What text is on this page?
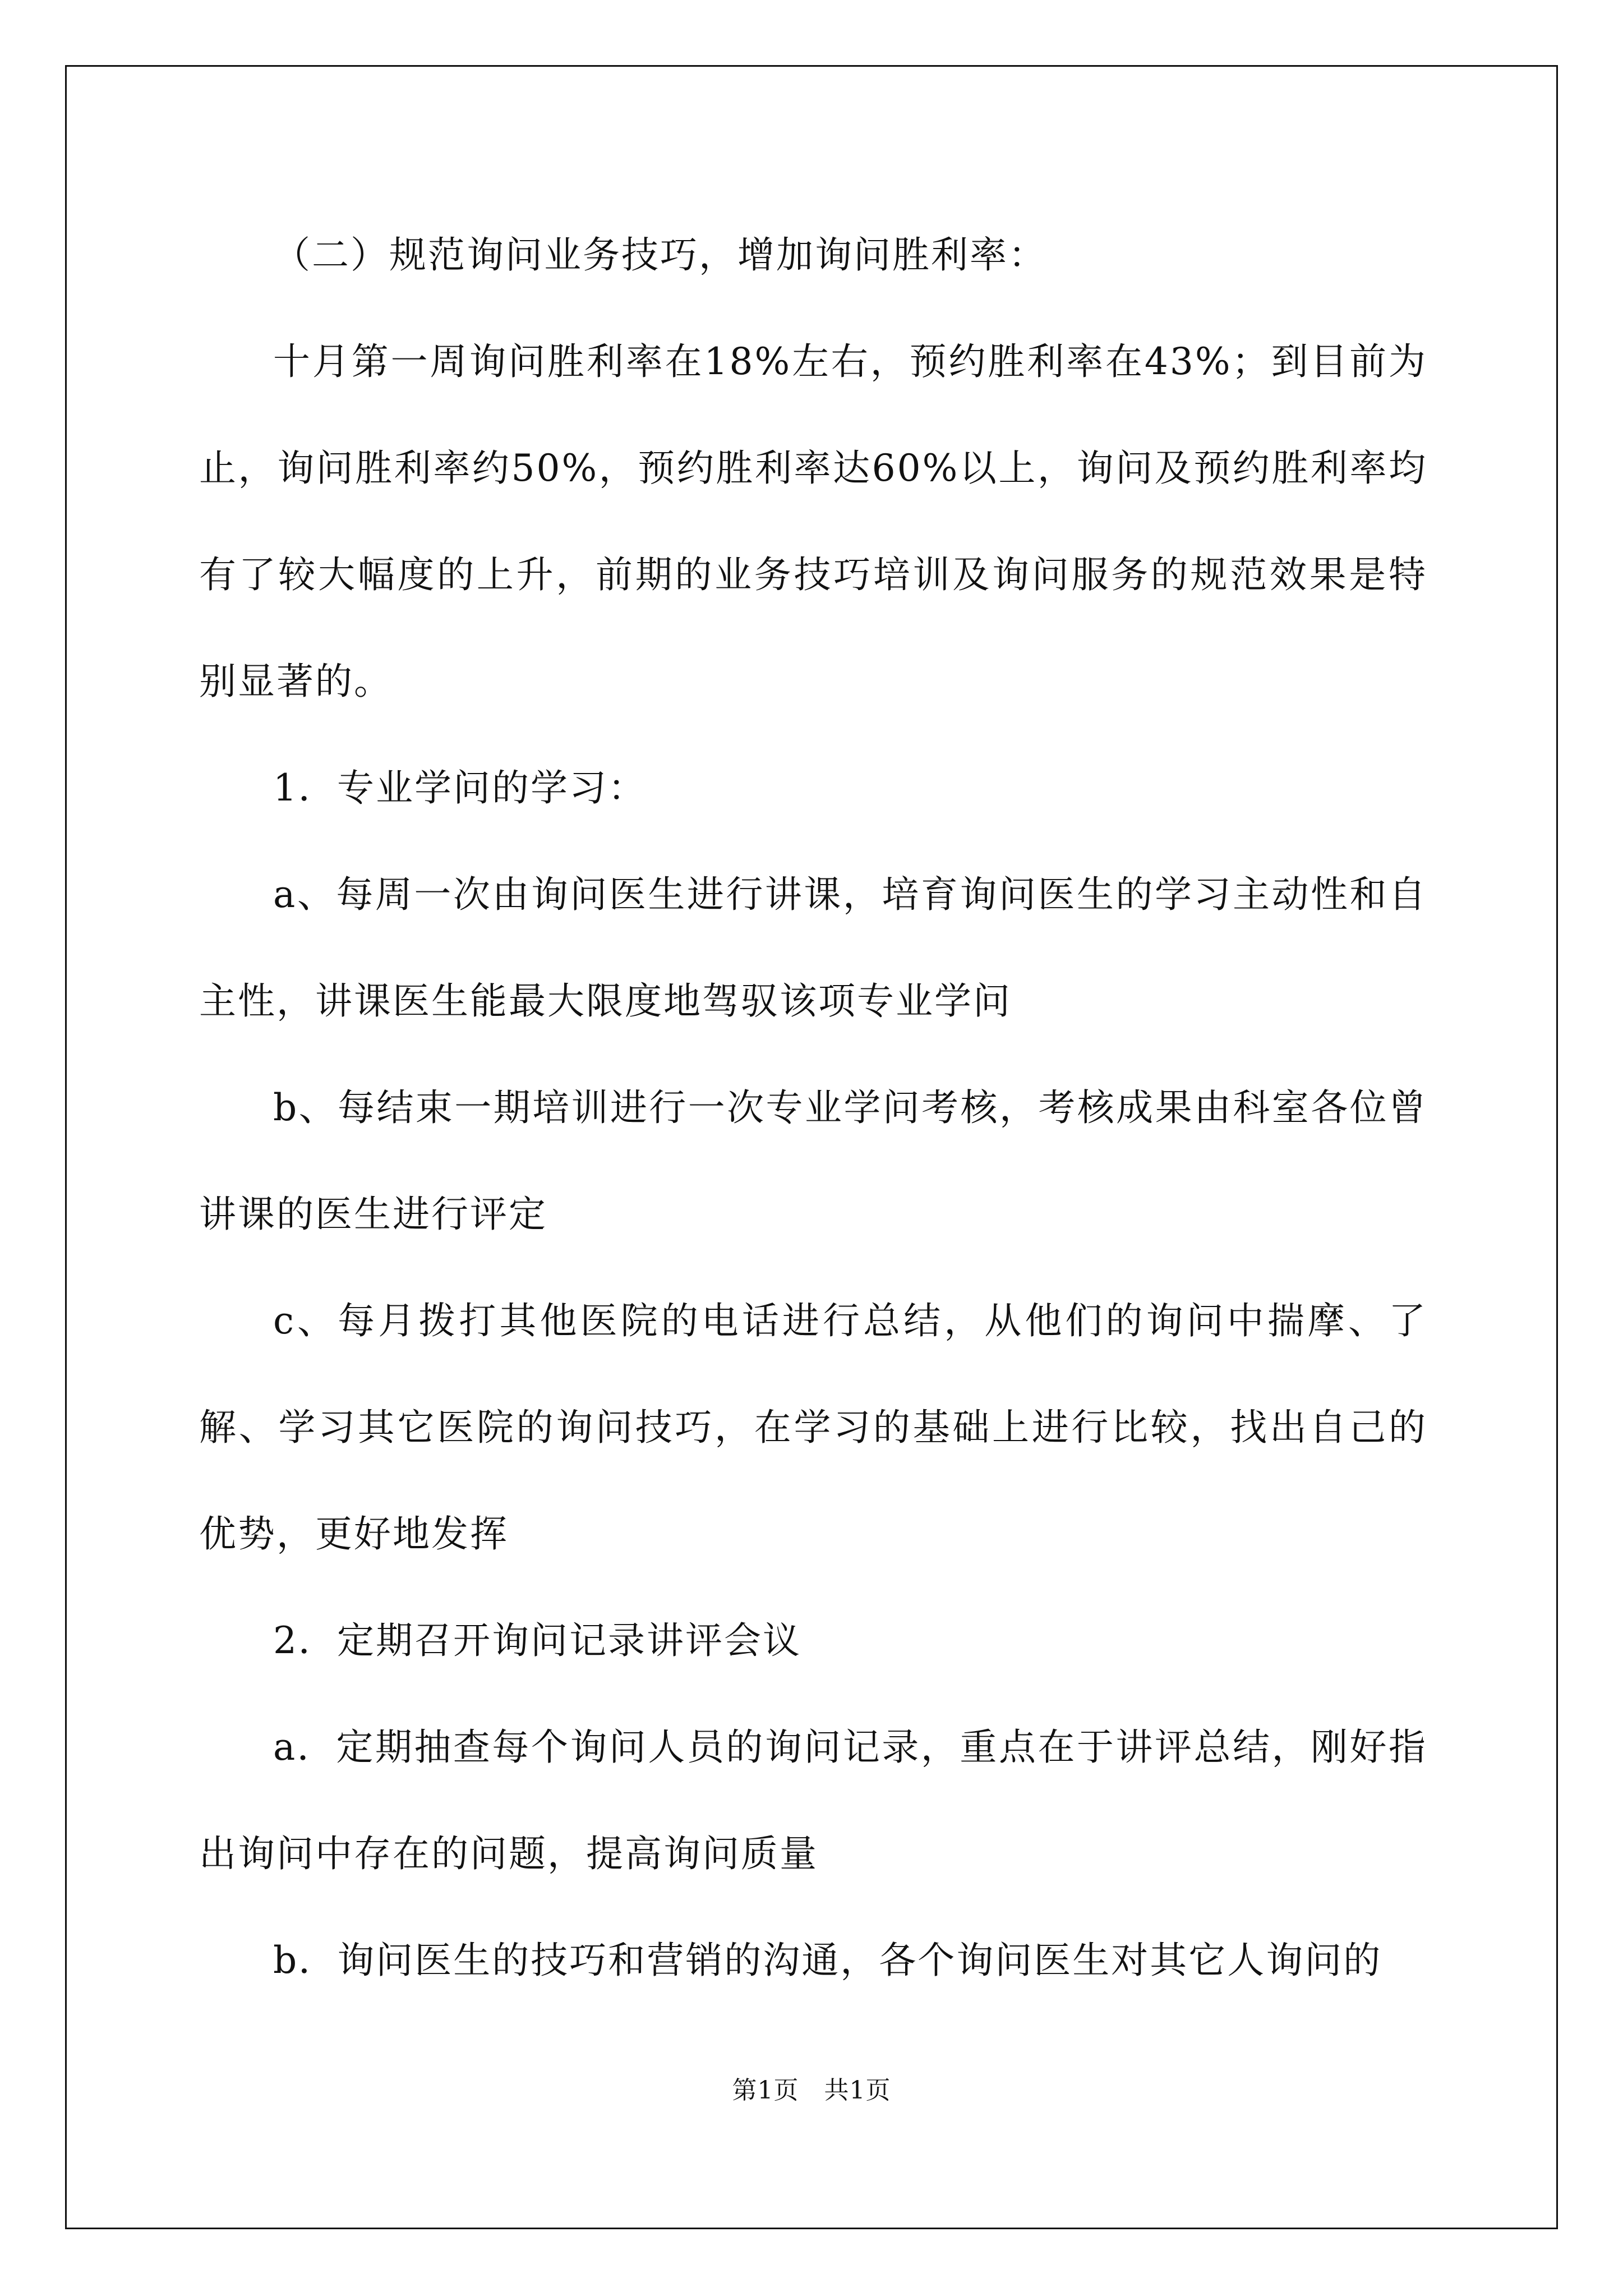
（二）规范询问业务技巧，增加询问胜利率：

十月第一周询问胜利率在18%左右，预约胜利率在43%；到目前为止，询问胜利率约50%，预约胜利率达60%以上，询问及预约胜利率均有了较大幅度的上升，前期的业务技巧培训及询问服务的规范效果是特别显著的。

1．专业学问的学习：

a、每周一次由询问医生进行讲课，培育询问医生的学习主动性和自主性，讲课医生能最大限度地驾驭该项专业学问

b、每结束一期培训进行一次专业学问考核，考核成果由科室各位曾讲课的医生进行评定

c、每月拨打其他医院的电话进行总结，从他们的询问中揣摩、了解、学习其它医院的询问技巧，在学习的基础上进行比较，找出自己的优势，更好地发挥

2．定期召开询问记录讲评会议

a．定期抽查每个询问人员的询问记录，重点在于讲评总结，刚好指出询问中存在的问题，提高询问质量

b．询问医生的技巧和营销的沟通，各个询问医生对其它人询问的

第1页　共1页
